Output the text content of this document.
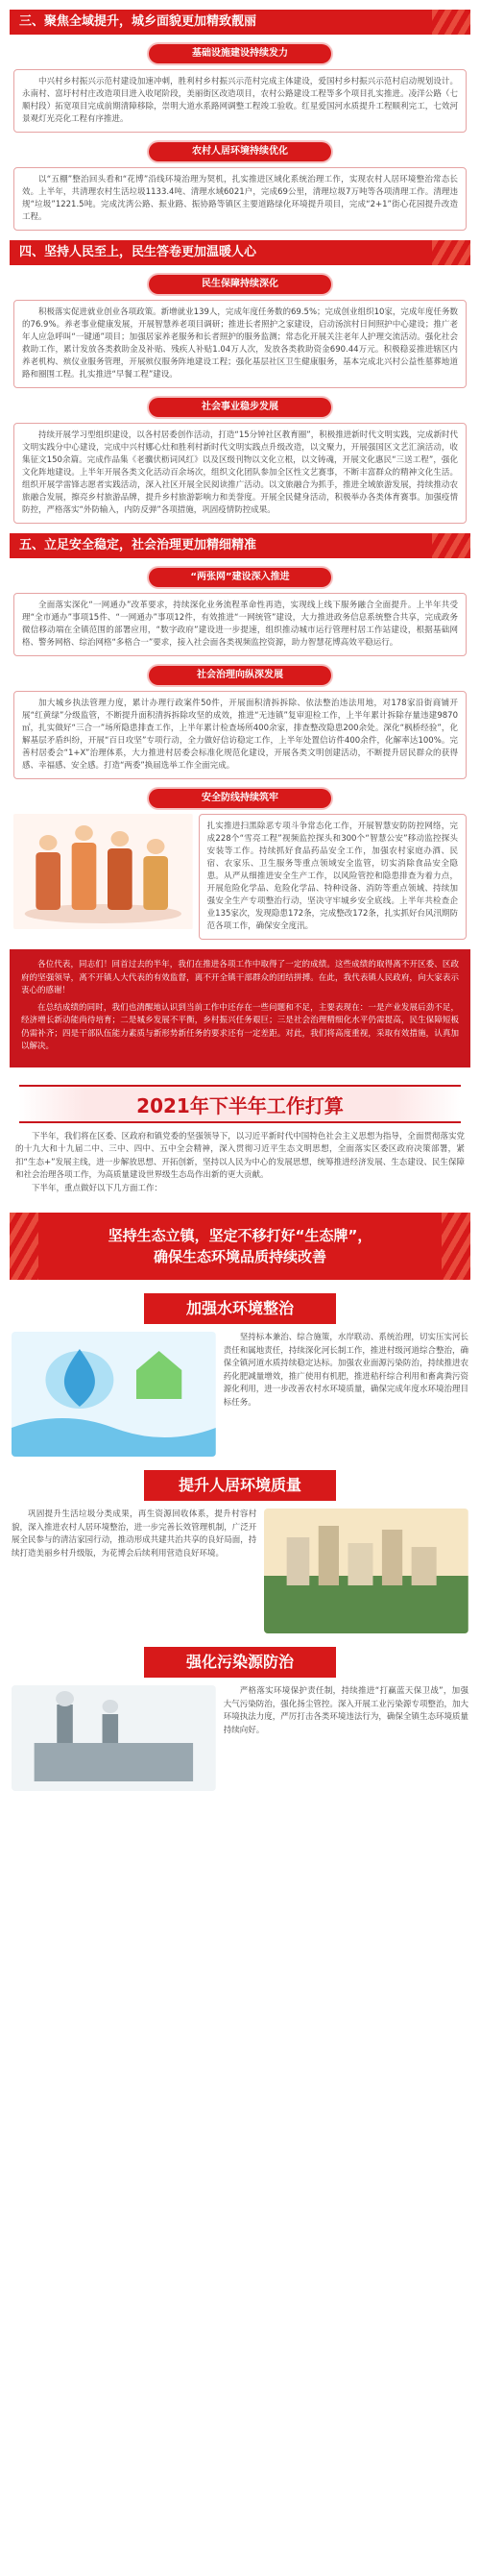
三、聚焦全域提升，城乡面貌更加精致靓丽
基础设施建设持续发力

中兴村乡村振兴示范村建设加速冲刺，胜利村乡村振兴示范村完成主体建设，爱国村乡村振兴示范村启动规划设计。永南村、富圩村村庄改造项目进入收尾阶段，美丽街区改造项目，农村公路建设工程等多个项目扎实推进。凌洋公路（七顺村段）拓宽项目完成前期清障移除，崇明大道水系路网调整工程竣工验收。红星爱国河水质提升工程顺利完工，七效河景观灯光亮化工程有序推进。

农村人居环境持续优化

以“五棚”整治回头看和“花博”沿线环境治理为契机，扎实推进区域化系统治理工作，实现农村人居环境整治常态长效。上半年，共清理农村生活垃圾1133.4吨、清理水域6021户，完成69公里，清理垃圾7万吨等各项清理工作。清理违规“垃圾”1221.5吨。完成沈湾公路、振业路、振协路等镇区主要道路绿化环境提升项目，完成“2+1”街心花园提升改造工程。

四、坚持人民至上，民生答卷更加温暖人心
民生保障持续深化

积极落实促进就业创业各项政策。新增就业139人，完成年度任务数的69.5%；完成创业组织10家，完成年度任务数的76.9%。养老事业健康发展，开展智慧养老项目调研；推进长者照护之家建设，启动汤滨村日间照护中心建设；推广老年人应急呼叫“一键通”项目；加强居家养老服务和长者照护的服务监测；常态化开展关注老年人护理交流活动。强化社会救助工作，累计发放各类救助金及补贴、残疾人补贴1.04万人次，发放各类救助资金690.44万元。积极稳妥推进辖区内养老机构、殡仪业服务管理，开展殡仪服务阵地建设工程；强化基层社区卫生健康服务，基本完成北兴村公益性墓葬地道路和圈围工程。扎实推进“早餐工程”建设。

社会事业稳步发展

持续开展学习型组织建设，以各村居委创作活动，打造“15分钟社区教育圈”，积极推进新时代文明实践，完成新时代文明实践分中心建设，完成中兴村娜心灶和胜利村新时代文明实践点升级改造，以文聚力，开展强国区文艺汇演活动，收集征文150余篇。完成作品集《老骥伏枥词风红》以及区级刊物以文化立根，以文铸魂，开展文化惠民“三送工程”，强化文化阵地建设。上半年开展各类文化活动百余场次，组织文化团队参加全区性文艺赛事，不断丰富群众的精神文化生活。组织开展学雷锋志愿者实践活动，深入社区开展全民阅读推广活动。以文旅融合为抓手，推进全域旅游发展，持续推动农旅融合发展，擦亮乡村旅游品牌，提升乡村旅游影响力和美誉度。开展全民健身活动，积极举办各类体育赛事。加强疫情防控，严格落实“外防输入，内防反弹”各项措施，巩固疫情防控成果。

五、立足安全稳定，社会治理更加精细精准
“两张网”建设深入推进

全面落实深化“一网通办”改革要求，持续深化业务流程革命性再造，实现线上线下服务融合全面提升。上半年共受理“全市通办”事项15件、“一网通办”事项12件，有效推进“一网统管”建设，大力推进政务信息系统整合共享，完成政务微信移动端在全镇范围的部署应用，“数字政府”建设进一步提速，组织推动城市运行管理村居工作站建设，根据基础网格、警务网格、综治网格“多格合一”要求，接入社会面各类视频监控资源，助力智慧花博高效平稳运行。

社会治理向纵深发展

加大城乡执法管理力度，累计办理行政案件50件，开展面积清拆拆除、依法整治违法用地，对178家沿街商铺开展“红黄绿”分级监管，不断提升面积清拆拆除攻坚的成效，推进“无违镇”复审迎检工作，上半年累计拆除存量违建9870㎡，扎实做好“三合一”场所隐患排查工作，上半年累计检查场所400余家，排查整改隐患200余处。深化“枫桥经验”，化解基层矛盾纠纷，开展“百日攻坚”专项行动，全力做好信访稳定工作，上半年处置信访件400余件，化解率达100%。完善村居委会“1+X”治理体系，大力推进村居委会标准化规范化建设，开展各类文明创建活动，不断提升居民群众的获得感、幸福感、安全感。打造“两委”换届选举工作全面完成。

安全防线持续筑牢
扎实推进扫黑除恶专项斗争常态化工作，开展智慧安防防控网络，完成228个“雪亮工程”视频监控探头和300个“智慧公安”移动监控探头安装等工作。持续抓好食品药品安全工作，加强农村家庭办酒、民宿、农家乐、卫生服务等重点领域安全监管，切实消除食品安全隐患。从严从细推进安全生产工作，以风险管控和隐患排查为着力点，开展危险化学品、危险化学品、特种设备、消防等重点领域、持续加强安全生产专项整治行动，坚决守牢城乡安全底线。上半年共检查企业135家次，发现隐患172条，完成整改172条，扎实抓好台风汛期防范各项工作，确保安全度汛。

各位代表，同志们！回首过去的半年，我们在推进各项工作中取得了一定的成绩。这些成绩的取得离不开区委、区政府的坚强领导，离不开镇人大代表的有效监督，离不开全镇干部群众的团结拼搏。在此，我代表镇人民政府，向大家表示衷心的感谢！

在总结成绩的同时，我们也清醒地认识到当前工作中还存在一些问题和不足，主要表现在：一是产业发展后劲不足，经济增长新动能尚待培育；二是城乡发展不平衡，乡村振兴任务艰巨；三是社会治理精细化水平仍需提高，民生保障短板仍需补齐；四是干部队伍能力素质与新形势新任务的要求还有一定差距。对此，我们将高度重视，采取有效措施，认真加以解决。

2021年下半年工作打算

下半年，我们将在区委、区政府和镇党委的坚强领导下，以习近平新时代中国特色社会主义思想为指导，全面贯彻落实党的十九大和十九届二中、三中、四中、五中全会精神，深入贯彻习近平生态文明思想，全面落实区委区政府决策部署，紧扣“生态+”发展主线，进一步解放思想、开拓创新，坚持以人民为中心的发展思想，统筹推进经济发展、生态建设、民生保障和社会治理各项工作，为高质量建设世界级生态岛作出新的更大贡献。

下半年，重点做好以下几方面工作：

坚持生态立镇，坚定不移打好“生态牌”，
确保生态环境品质持续改善
加强水环境整治

坚持标本兼治、综合施策，水岸联动、系统治理，切实压实河长责任和属地责任，持续深化河长制工作，推进村级河道综合整治，确保全镇河道水质持续稳定达标。加强农业面源污染防治，持续推进农药化肥减量增效，推广使用有机肥，推进秸秆综合利用和畜禽粪污资源化利用，进一步改善农村水环境质量，确保完成年度水环境治理目标任务。

提升人居环境质量

巩固提升生活垃圾分类成果，再生资源回收体系，提升村容村貌，深入推进农村人居环境整治，进一步完善长效管理机制，广泛开展全民参与的清洁家园行动，推动形成共建共治共享的良好局面，持续打造美丽乡村升级版，为花博会后续利用营造良好环境。

强化污染源防治

严格落实环境保护责任制，持续推进“打赢蓝天保卫战”，加强大气污染防治，强化扬尘管控。深入开展工业污染源专项整治，加大环境执法力度，严厉打击各类环境违法行为，确保全镇生态环境质量持续向好。
